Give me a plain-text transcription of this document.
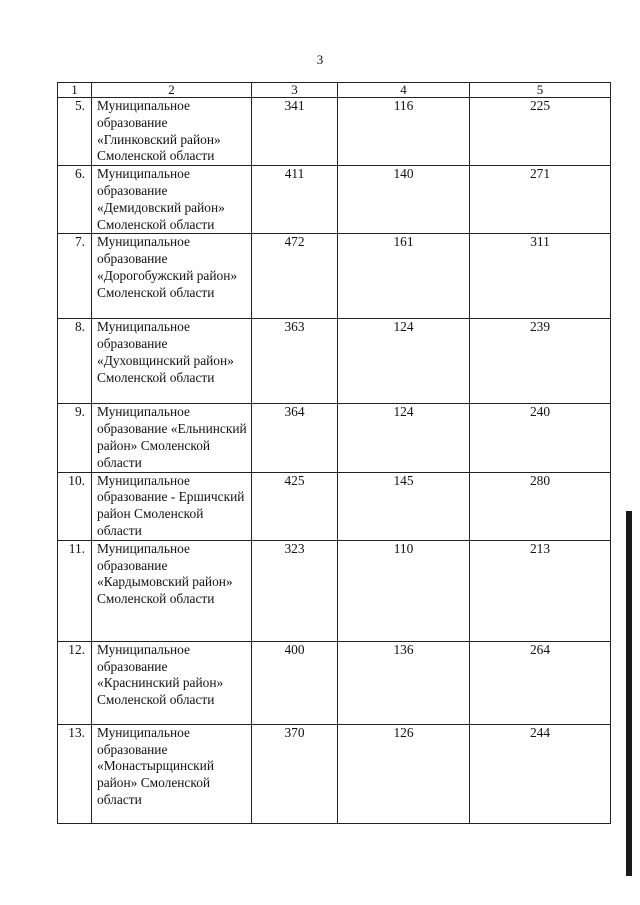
3
1	2	3	4	5
5.	Муниципальное образование «Глинковский район» Смоленской области	341	116	225
6.	Муниципальное образование «Демидовский район» Смоленской области	411	140	271
7.	Муниципальное образование «Дорогобужский район» Смоленской области	472	161	311
8.	Муниципальное образование «Духовщинский район» Смоленской области	363	124	239
9.	Муниципальное образование «Ельнинский район» Смоленской области	364	124	240
10.	Муниципальное образование - Ершичский район Смоленской области	425	145	280
11.	Муниципальное образование «Кардымовский район» Смоленской области	323	110	213
12.	Муниципальное образование «Краснинский район» Смоленской области	400	136	264
13.	Муниципальное образование «Монастырщинский район» Смоленской области	370	126	244
